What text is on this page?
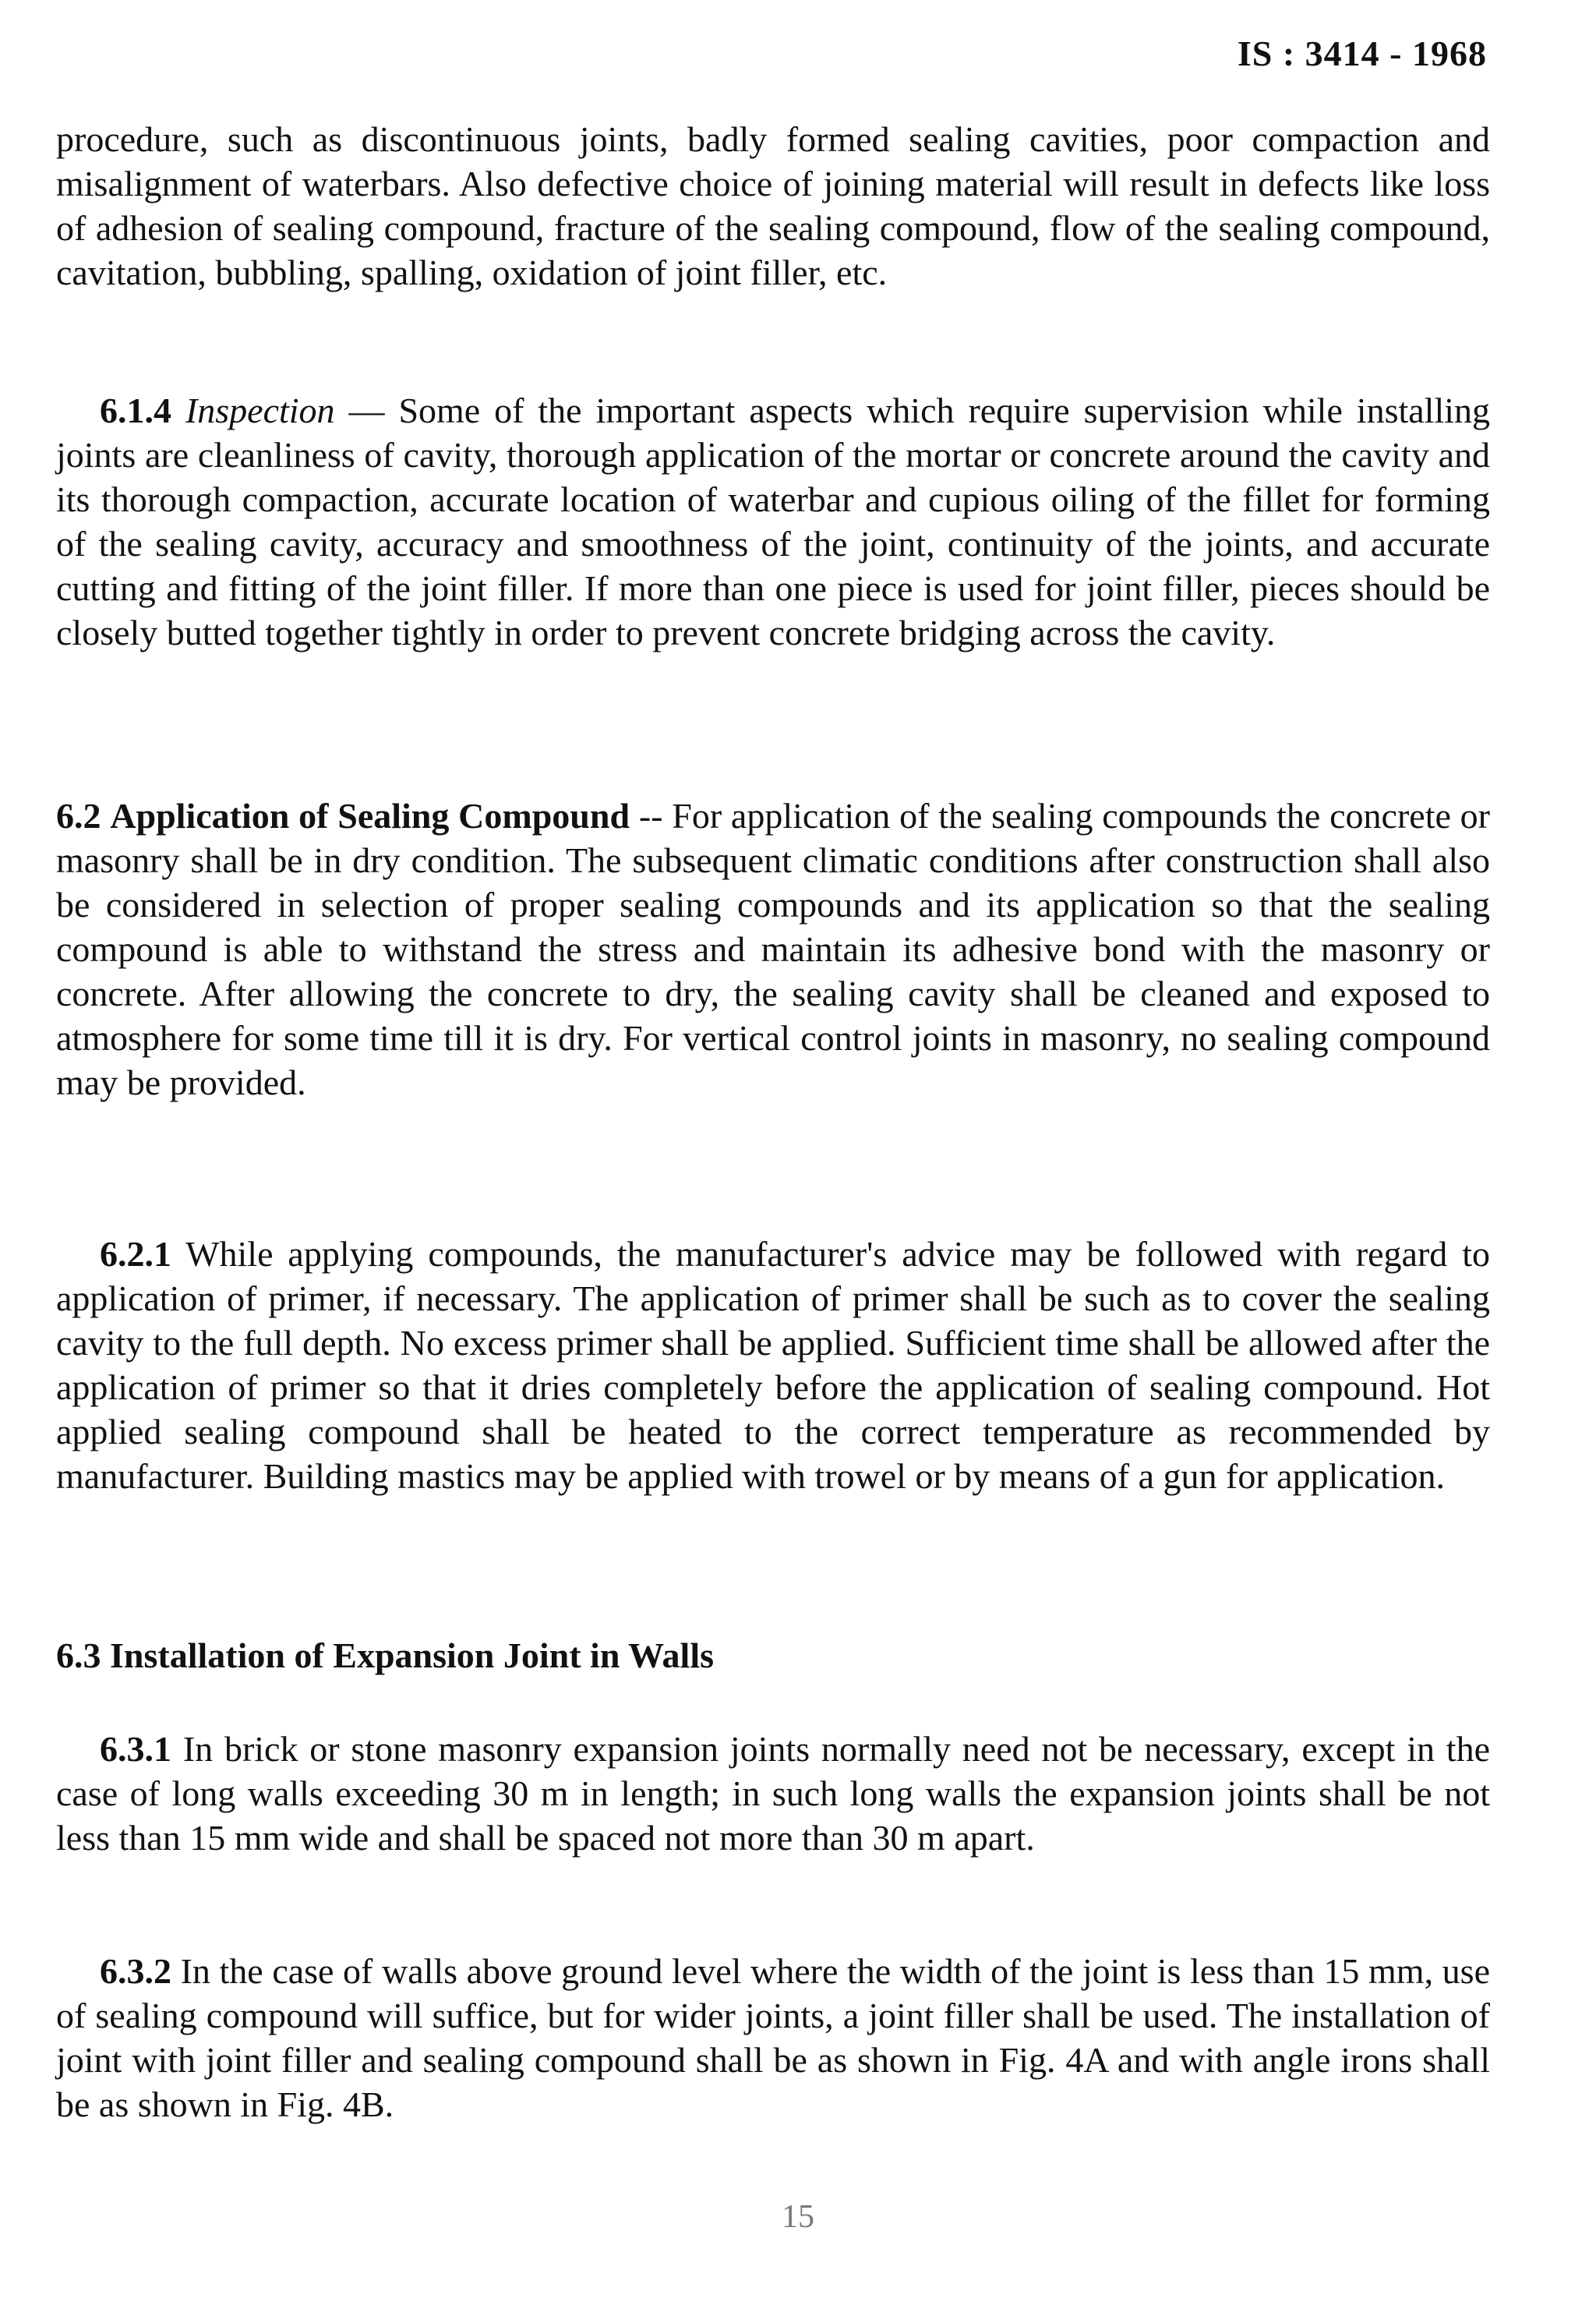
IS : 3414 - 1968

procedure, such as discontinuous joints, badly formed sealing cavities, poor compaction and misalignment of waterbars. Also defective choice of joining material will result in defects like loss of adhesion of sealing compound, fracture of the sealing compound, flow of the sealing compound, cavitation, bubbling, spalling, oxidation of joint filler, etc.

6.1.4 Inspection — Some of the important aspects which require supervision while installing joints are cleanliness of cavity, thorough application of the mortar or concrete around the cavity and its thorough compaction, accurate location of waterbar and cupious oiling of the fillet for forming of the sealing cavity, accuracy and smoothness of the joint, continuity of the joints, and accurate cutting and fitting of the joint filler. If more than one piece is used for joint filler, pieces should be closely butted together tightly in order to prevent concrete bridging across the cavity.

6.2 Application of Sealing Compound -- For application of the sealing compounds the concrete or masonry shall be in dry condition. The subsequent climatic conditions after construction shall also be considered in selection of proper sealing compounds and its application so that the sealing compound is able to withstand the stress and maintain its adhesive bond with the masonry or concrete. After allowing the concrete to dry, the sealing cavity shall be cleaned and exposed to atmosphere for some time till it is dry. For vertical control joints in masonry, no sealing compound may be provided.

6.2.1 While applying compounds, the manufacturer's advice may be followed with regard to application of primer, if necessary. The application of primer shall be such as to cover the sealing cavity to the full depth. No excess primer shall be applied. Sufficient time shall be allowed after the application of primer so that it dries completely before the application of sealing compound. Hot applied sealing compound shall be heated to the correct temperature as recommended by manufacturer. Building mastics may be applied with trowel or by means of a gun for application.

6.3 Installation of Expansion Joint in Walls

6.3.1 In brick or stone masonry expansion joints normally need not be necessary, except in the case of long walls exceeding 30 m in length; in such long walls the expansion joints shall be not less than 15 mm wide and shall be spaced not more than 30 m apart.

6.3.2 In the case of walls above ground level where the width of the joint is less than 15 mm, use of sealing compound will suffice, but for wider joints, a joint filler shall be used. The installation of joint with joint filler and sealing compound shall be as shown in Fig. 4A and with angle irons shall be as shown in Fig. 4B.

15
